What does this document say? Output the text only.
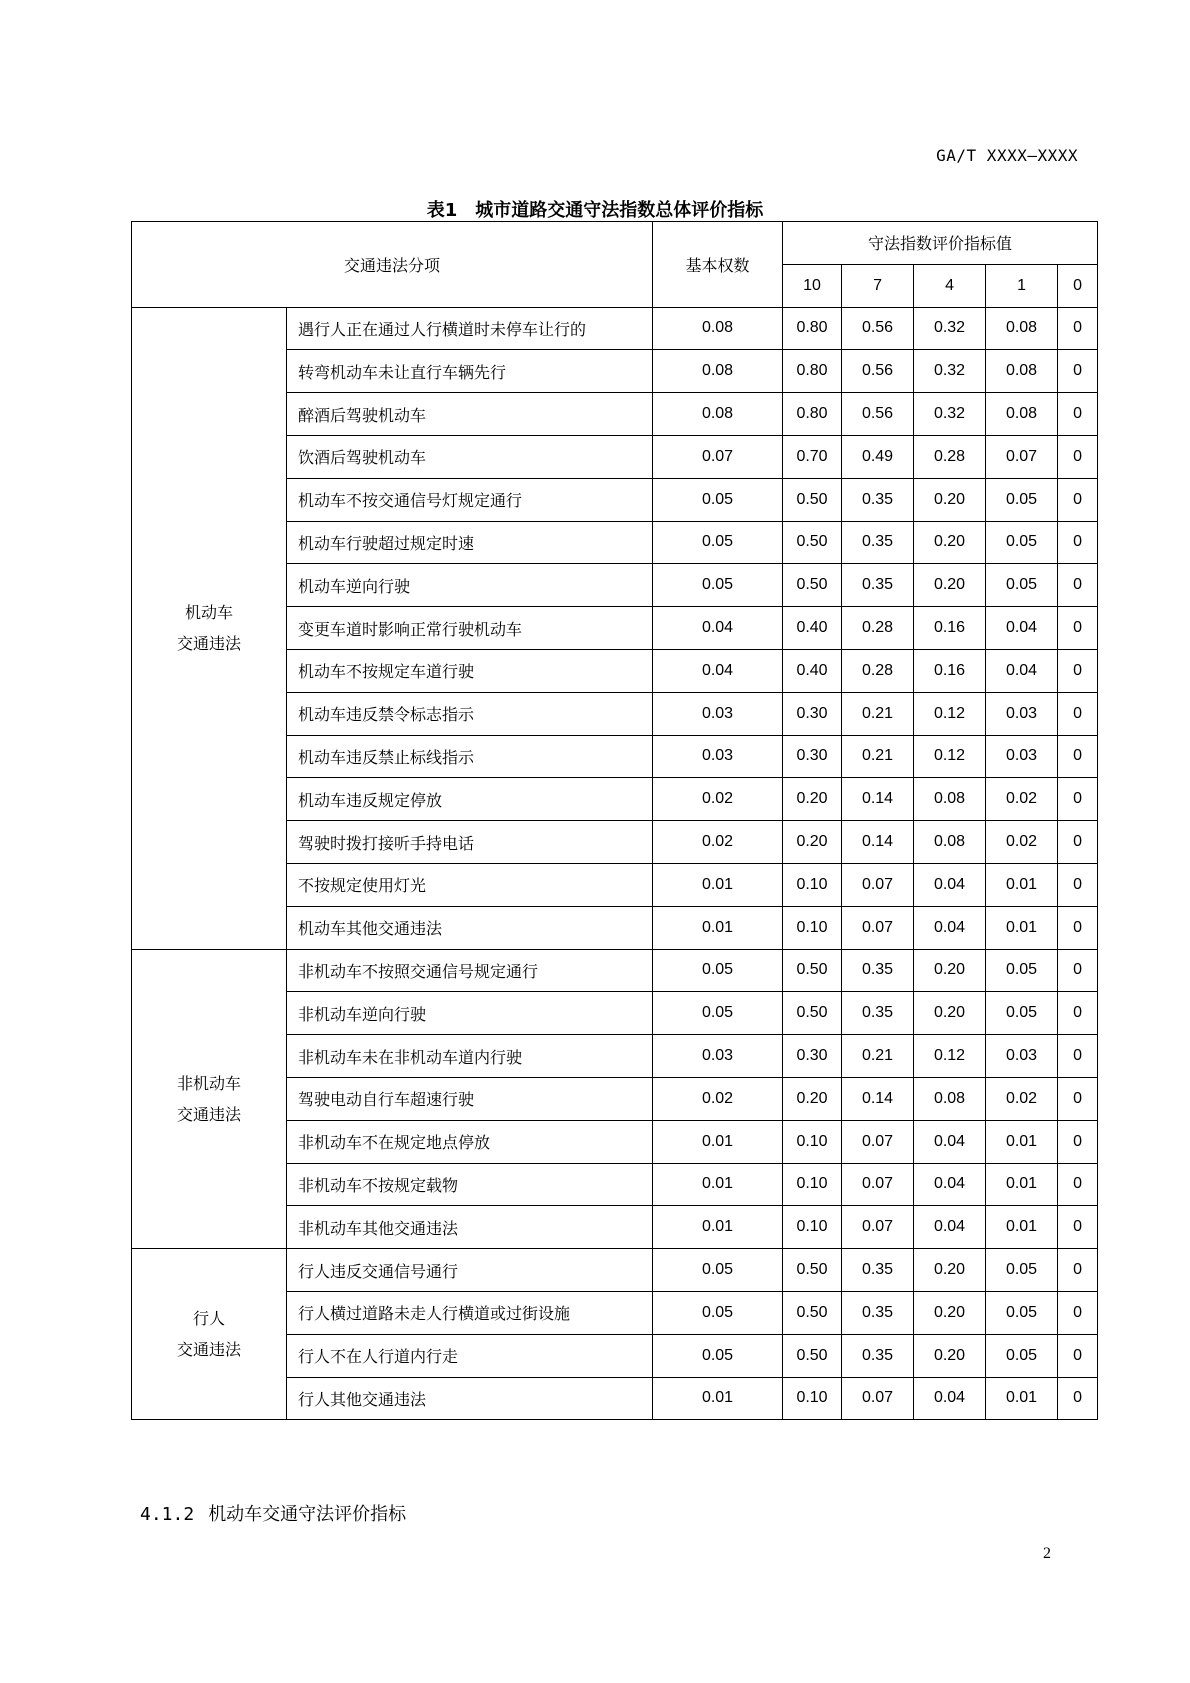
GA/T XXXX—XXXX
表1　城市道路交通守法指数总体评价指标
交通违法分项		基本权数	守法指数评价指标值				
			10	7	4	1	0

机动车
交通违法	遇行人正在通过人行横道时未停车让行的	0.08	0.80	0.56	0.32	0.08	0
	转弯机动车未让直行车辆先行	0.08	0.80	0.56	0.32	0.08	0
	醉酒后驾驶机动车	0.08	0.80	0.56	0.32	0.08	0
	饮酒后驾驶机动车	0.07	0.70	0.49	0.28	0.07	0
	机动车不按交通信号灯规定通行	0.05	0.50	0.35	0.20	0.05	0
	机动车行驶超过规定时速	0.05	0.50	0.35	0.20	0.05	0
	机动车逆向行驶	0.05	0.50	0.35	0.20	0.05	0
	变更车道时影响正常行驶机动车	0.04	0.40	0.28	0.16	0.04	0
	机动车不按规定车道行驶	0.04	0.40	0.28	0.16	0.04	0
	机动车违反禁令标志指示	0.03	0.30	0.21	0.12	0.03	0
	机动车违反禁止标线指示	0.03	0.30	0.21	0.12	0.03	0
	机动车违反规定停放	0.02	0.20	0.14	0.08	0.02	0
	驾驶时拨打接听手持电话	0.02	0.20	0.14	0.08	0.02	0
	不按规定使用灯光	0.01	0.10	0.07	0.04	0.01	0
	机动车其他交通违法	0.01	0.10	0.07	0.04	0.01	0

非机动车
交通违法	非机动车不按照交通信号规定通行	0.05	0.50	0.35	0.20	0.05	0
	非机动车逆向行驶	0.05	0.50	0.35	0.20	0.05	0
	非机动车未在非机动车道内行驶	0.03	0.30	0.21	0.12	0.03	0
	驾驶电动自行车超速行驶	0.02	0.20	0.14	0.08	0.02	0
	非机动车不在规定地点停放	0.01	0.10	0.07	0.04	0.01	0
	非机动车不按规定载物	0.01	0.10	0.07	0.04	0.01	0
	非机动车其他交通违法	0.01	0.10	0.07	0.04	0.01	0

行人
交通违法	行人违反交通信号通行	0.05	0.50	0.35	0.20	0.05	0
	行人横过道路未走人行横道或过街设施	0.05	0.50	0.35	0.20	0.05	0
	行人不在人行道内行走	0.05	0.50	0.35	0.20	0.05	0
	行人其他交通违法	0.01	0.10	0.07	0.04	0.01	0
4.1.2 机动车交通守法评价指标
2
